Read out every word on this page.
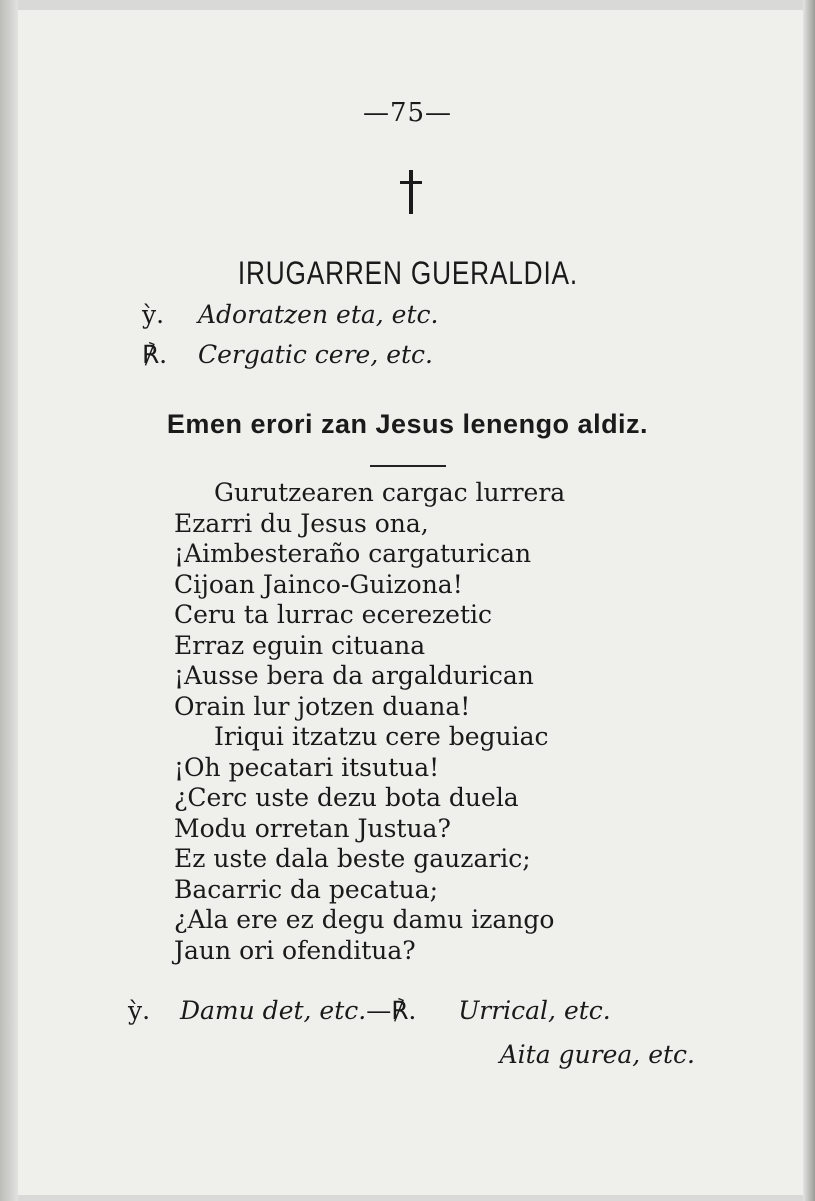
—75—
IRUGARREN GUERALDIA.
ỳ. Adoratzen eta, etc.
℟. Cergatic cere, etc.
Emen erori zan Jesus lenengo aldiz.
Gurutzearen cargac lurrera
Ezarri du Jesus ona,
¡Aimbesteraño cargaturican
Cijoan Jainco-Guizona!
Ceru ta lurrac ecerezetic
Erraz eguin cituana
¡Ausse bera da argaldurican
Orain lur jotzen duana!
Iriqui itzatzu cere beguiac
¡Oh pecatari itsutua!
¿Cerc uste dezu bota duela
Modu orretan Justua?
Ez uste dala beste gauzaric;
Bacarric da pecatua;
¿Ala ere ez degu damu izango
Jaun ori ofenditua?
ỳ. Damu det, etc.—℟. Urrical, etc.
Aita gurea, etc.
